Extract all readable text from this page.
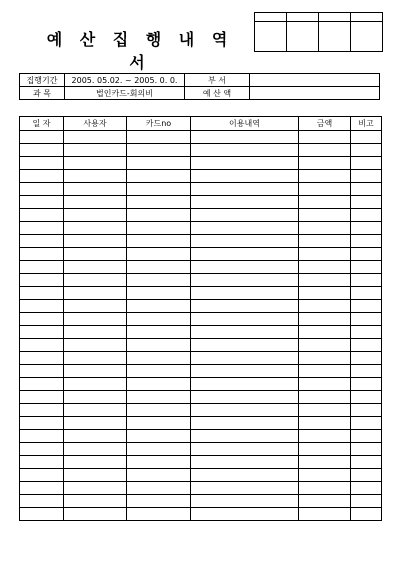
예 산 집 행 내 역 서

집행기간	2005. 05.02. ~ 2005. 0. 0.	부 서	
과 목	법인카드-회의비	예 산 액	
일 자	사용자	카드no	이용내역	금액	비고
